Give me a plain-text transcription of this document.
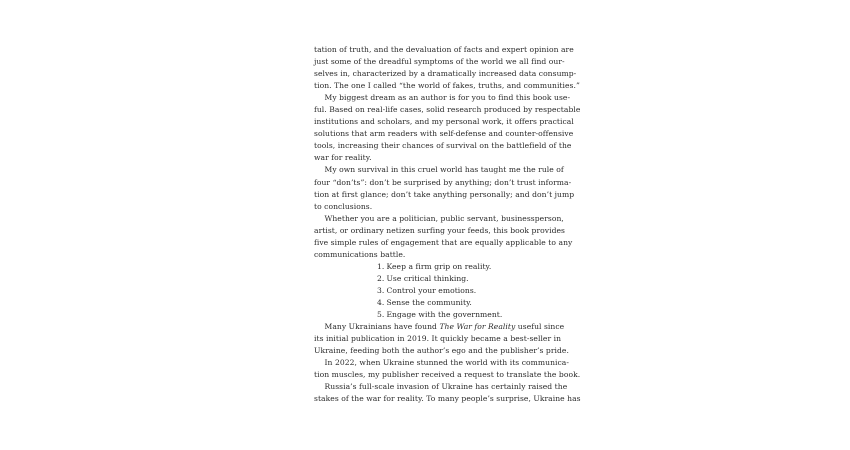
tation of truth, and the devaluation of facts and expert opinion are
just some of the dreadful symptoms of the world we all find our-
selves in, characterized by a dramatically increased data consump-
tion. The one I called “the world of fakes, truths, and communities.”
My biggest dream as an author is for you to find this book use-
ful. Based on real-life cases, solid research produced by respectable
institutions and scholars, and my personal work, it offers practical
solutions that arm readers with self-defense and counter-offensive
tools, increasing their chances of survival on the battlefield of the
war for reality.
My own survival in this cruel world has taught me the rule of
four “don’ts”: don’t be surprised by anything; don’t trust informa-
tion at first glance; don’t take anything personally; and don’t jump
to conclusions.
Whether you are a politician, public servant, businessperson,
artist, or ordinary netizen surfing your feeds, this book provides
five simple rules of engagement that are equally applicable to any
communications battle.
1. Keep a firm grip on reality.
2. Use critical thinking.
3. Control your emotions.
4. Sense the community.
5. Engage with the government.
Many Ukrainians have found The War for Reality useful since
its initial publication in 2019. It quickly became a best-seller in
Ukraine, feeding both the author’s ego and the publisher’s pride.
In 2022, when Ukraine stunned the world with its communica-
tion muscles, my publisher received a request to translate the book.
Russia’s full-scale invasion of Ukraine has certainly raised the
stakes of the war for reality. To many people’s surprise, Ukraine has
